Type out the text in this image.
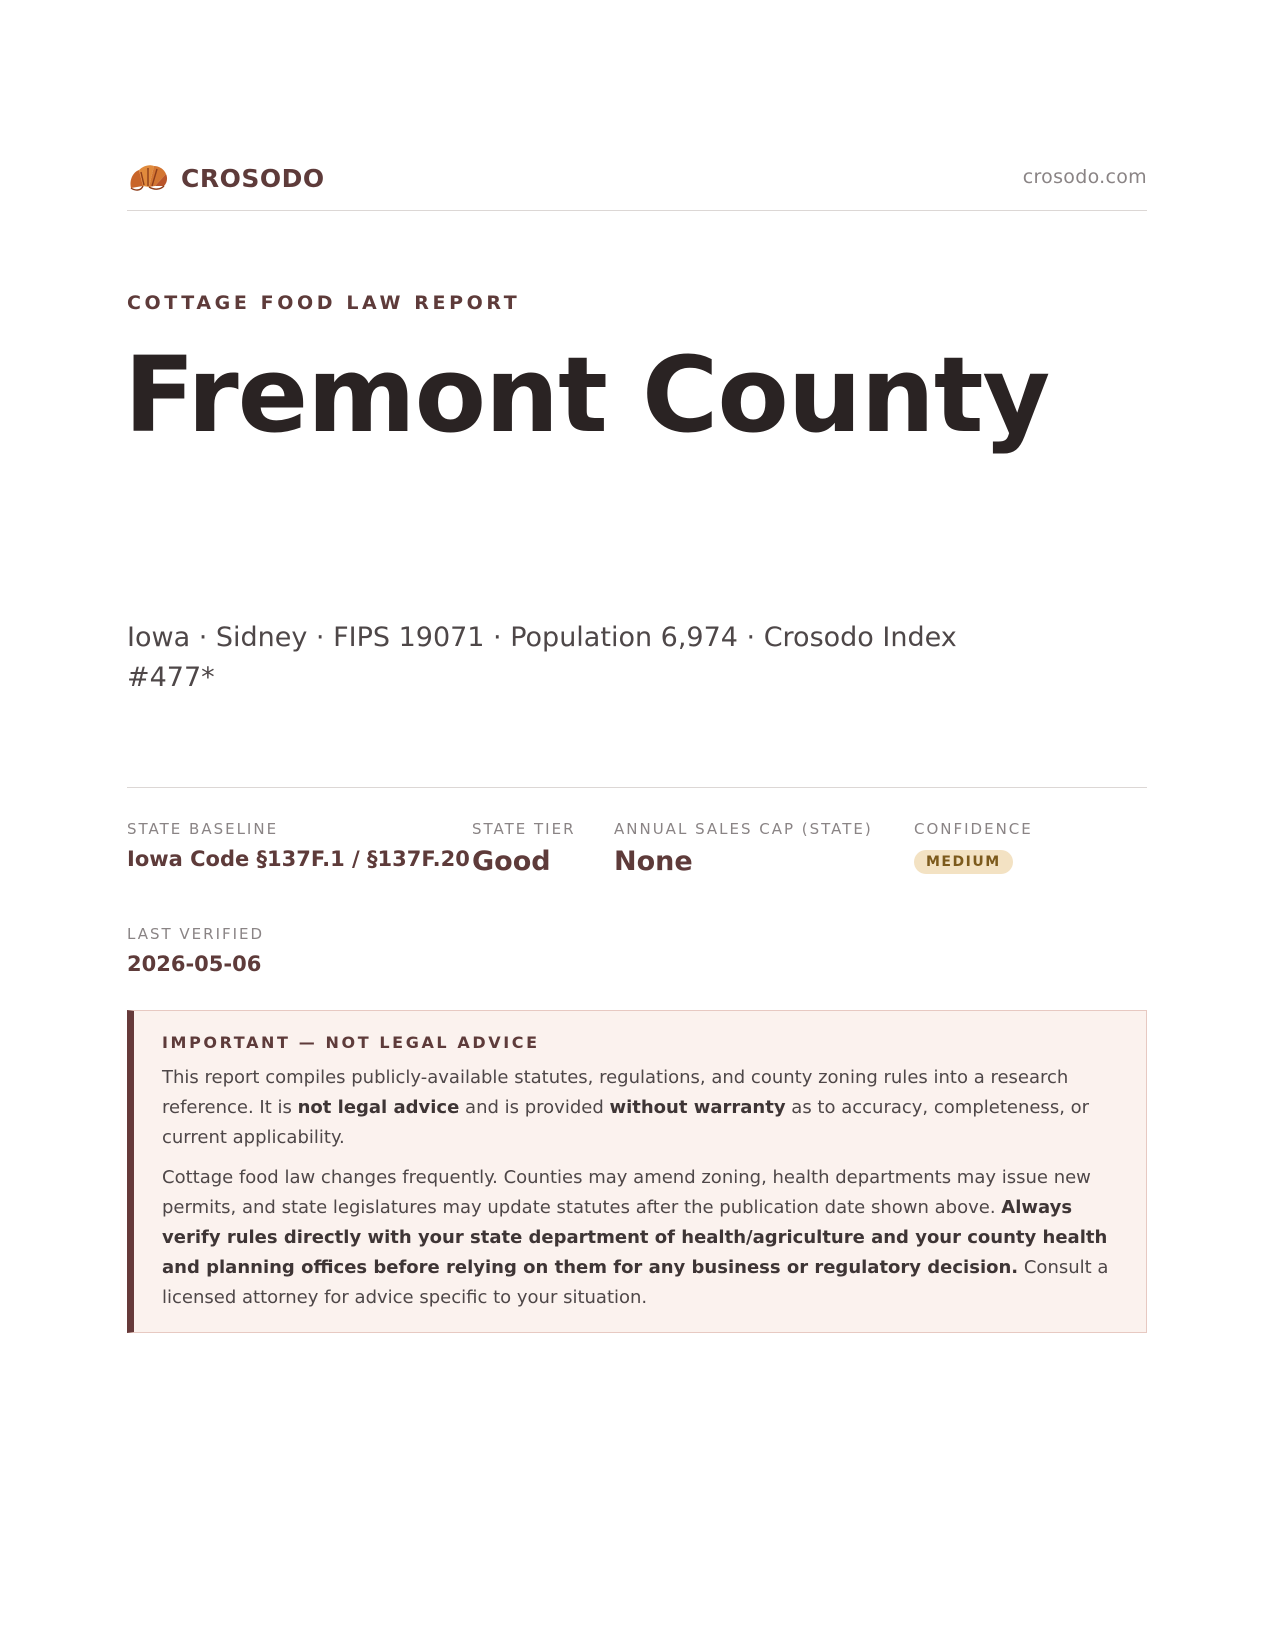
CROSODO	crosodo.com
COTTAGE FOOD LAW REPORT
Fremont County
Iowa · Sidney · FIPS 19071 · Population 6,974 · Crosodo Index #477*
STATE BASELINE
Iowa Code §137F.1 / §137F.20
STATE TIER
Good
ANNUAL SALES CAP (STATE)
None
CONFIDENCE
MEDIUM
LAST VERIFIED
2026-05-06
IMPORTANT — NOT LEGAL ADVICE

This report compiles publicly-available statutes, regulations, and county zoning rules into a research reference. It is not legal advice and is provided without warranty as to accuracy, completeness, or current applicability.

Cottage food law changes frequently. Counties may amend zoning, health departments may issue new permits, and state legislatures may update statutes after the publication date shown above. Always verify rules directly with your state department of health/agriculture and your county health and planning offices before relying on them for any business or regulatory decision. Consult a licensed attorney for advice specific to your situation.
